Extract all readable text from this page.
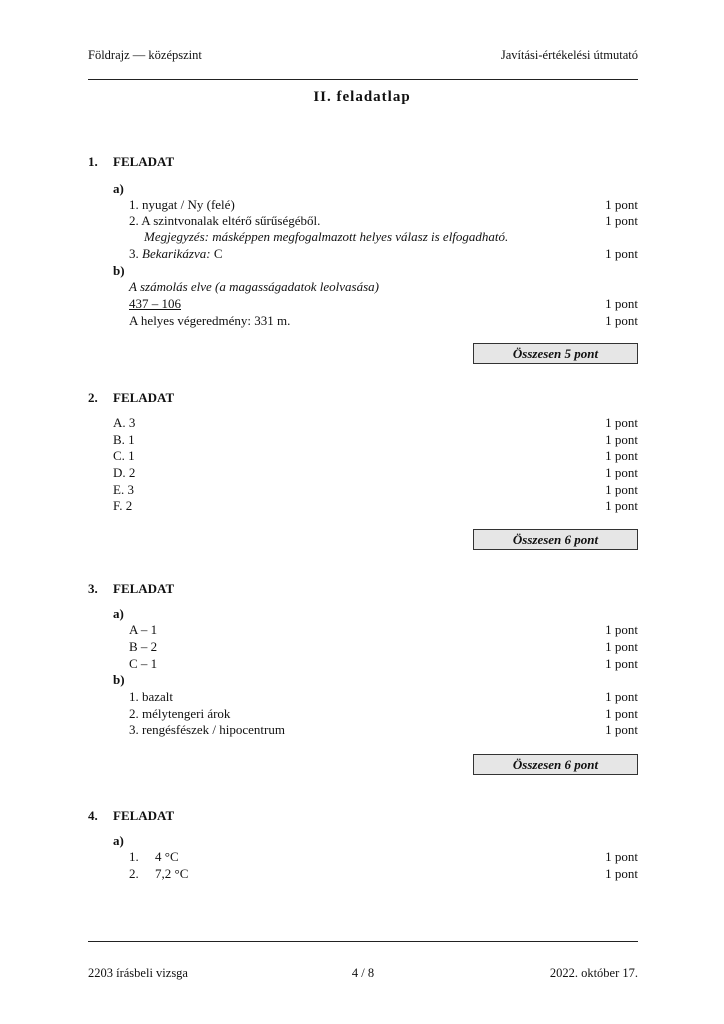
Földrajz — középszint	Javítási-értékelési útmutató
II. feladatlap
1. FELADAT
a)
1. nyugat / Ny (felé)	1 pont
2. A szintvonalak eltérő sűrűségéből.	1 pont
Megjegyzés: másképpen megfogalmazott helyes válasz is elfogadható.
3. Bekarikázva: C	1 pont
b)
A számolás elve (a magasságadatok leolvasása)
437 – 106	1 pont
A helyes végeredmény: 331 m.	1 pont
Összesen 5 pont
2. FELADAT
A. 3	1 pont
B. 1	1 pont
C. 1	1 pont
D. 2	1 pont
E. 3	1 pont
F. 2	1 pont
Összesen 6 pont
3. FELADAT
a)
A – 1	1 pont
B – 2	1 pont
C – 1	1 pont
b)
1. bazalt	1 pont
2. mélytengeri árok	1 pont
3. rengésfészek / hipocentrum	1 pont
Összesen 6 pont
4. FELADAT
a)
1. 4 °C	1 pont
2. 7,2 °C	1 pont
2203 írásbeli vizsga	4 / 8	2022. október 17.
